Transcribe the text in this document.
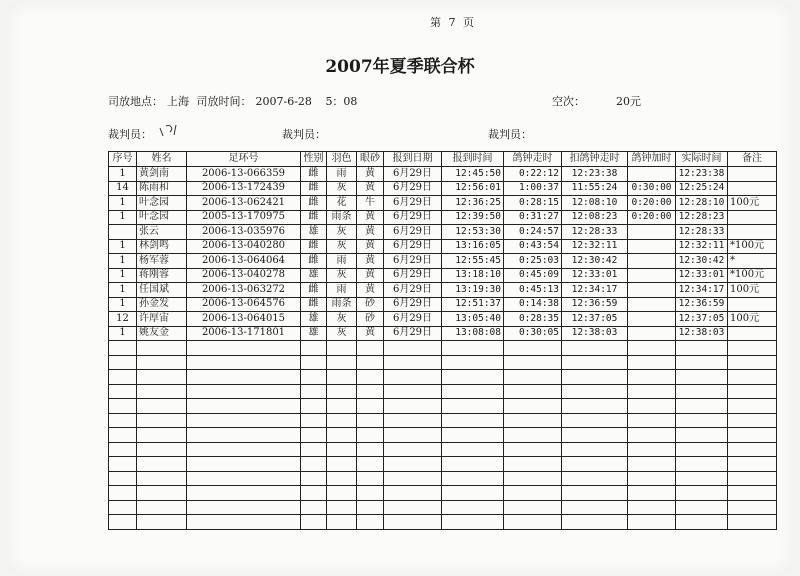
第 7 页
2007年夏季联合杯
司放地点： 上海 司放时间： 2007-6-28 5：08	空次：	20元
裁判员：	裁判员：	裁判员：
序号	姓名	足环号	性别	羽色	眼砂	报到日期	报到时间	鸽钟走时	扣鸽钟走时	鸽钟加时	实际时间	备注
1	黄剑南	2006-13-066359	雌	雨	黄	6月29日	12:45:50	0:22:12	12:23:38		12:23:38	
14	陈雨和	2006-13-172439	雌	灰	黄	6月29日	12:56:01	1:00:37	11:55:24	0:30:00	12:25:24	
1	叶念园	2006-13-062421	雌	花	牛	6月29日	12:36:25	0:28:15	12:08:10	0:20:00	12:28:10	100元
1	叶念园	2005-13-170975	雌	雨条	黄	6月29日	12:39:50	0:31:27	12:08:23	0:20:00	12:28:23	
	张云	2006-13-035976	雄	灰	黄	6月29日	12:53:30	0:24:57	12:28:33		12:28:33	
1	林剑鸣	2006-13-040280	雌	灰	黄	6月29日	13:16:05	0:43:54	12:32:11		12:32:11	*100元
1	杨军蓉	2006-13-064064	雌	雨	黄	6月29日	12:55:45	0:25:03	12:30:42		12:30:42	*
1	蒋刚蓉	2006-13-040278	雄	灰	黄	6月29日	13:18:10	0:45:09	12:33:01		12:33:01	*100元
1	任国斌	2006-13-063272	雌	雨	黄	6月29日	13:19:30	0:45:13	12:34:17		12:34:17	100元
1	孙金发	2006-13-064576	雌	雨条	砂	6月29日	12:51:37	0:14:38	12:36:59		12:36:59	
12	许厚宙	2006-13-064015	雄	灰	砂	6月29日	13:05:40	0:28:35	12:37:05		12:37:05	100元
1	姚友金	2006-13-171801	雄	灰	黄	6月29日	13:08:08	0:30:05	12:38:03		12:38:03	
